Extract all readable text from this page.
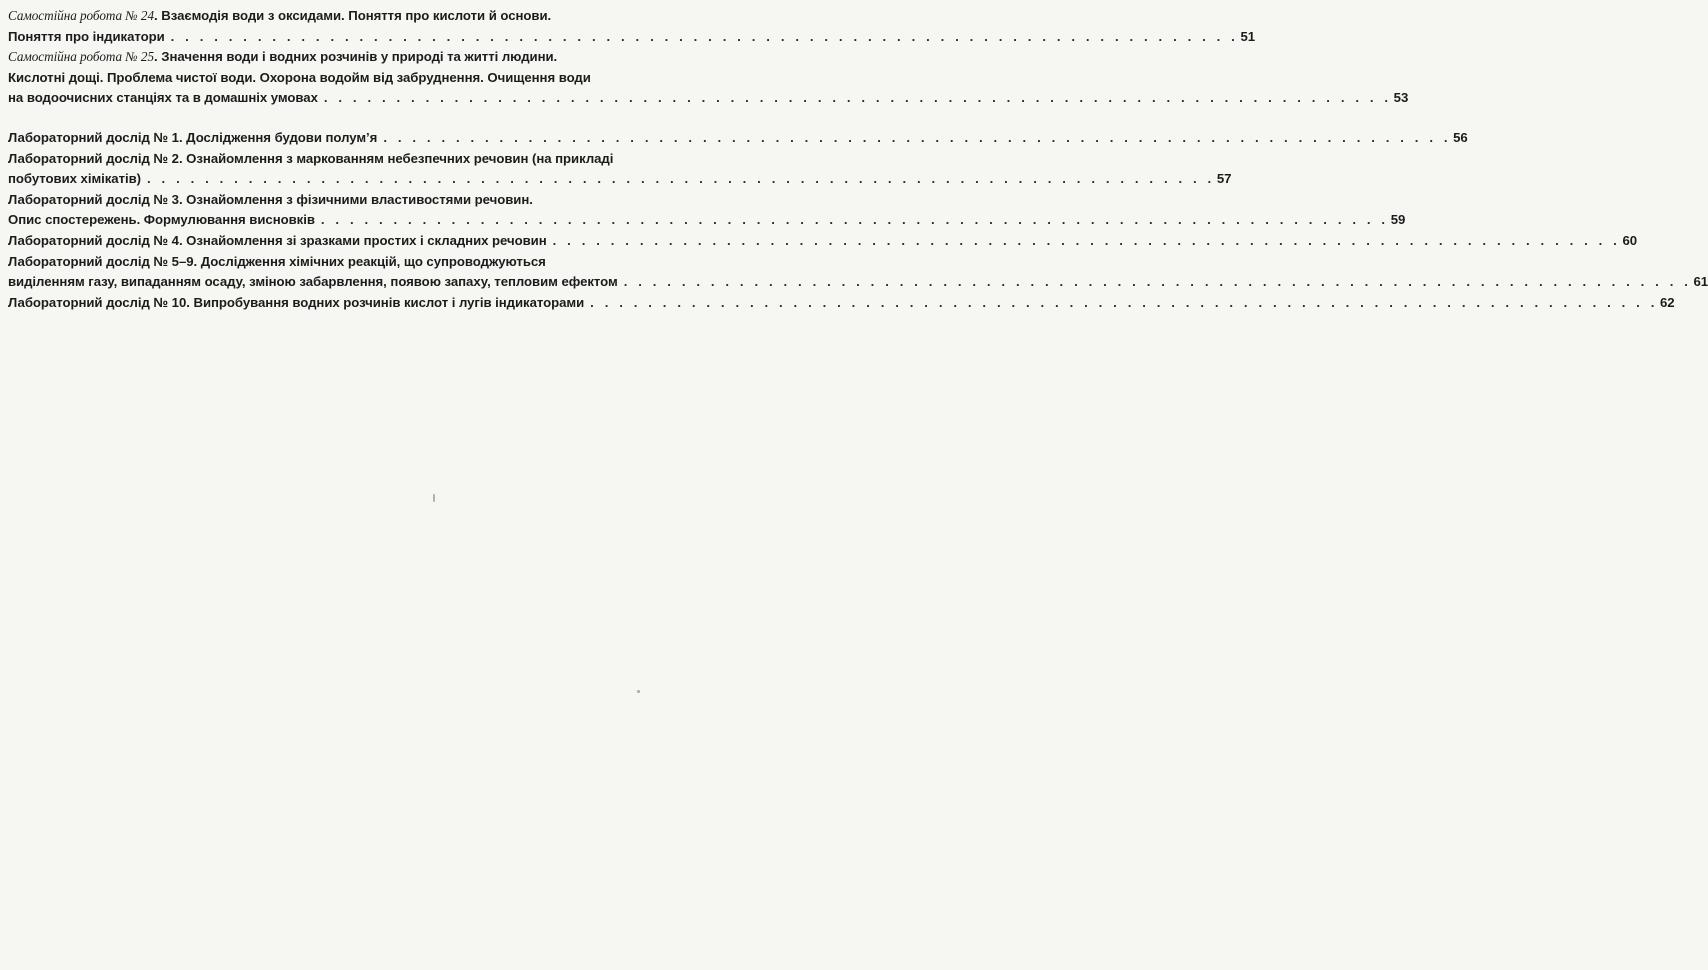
Самостійна робота № 24. Взаємодія води з оксидами. Поняття про кислоти й основи.
Поняття про індикатори . . . . . . . . . . . . . . . . . . . . . . . . . . . . . . . . . . . . . . . . . . . . . . . . . . . . . . . . . . . . . . . . . . . . . . . . . . 51
Самостійна робота № 25. Значення води і водних розчинів у природі та житті людини.
Кислотні дощі. Проблема чистої води. Охорона водойм від забруднення. Очищення води
на водоочисних станціях та в домашніх умовах . . . . . . . . . . . . . . . . . . . . . . . . . . . . . . . . . . . . . . . . . . . . . . . . . . . . . . . . . . . . . . . . . . . . . . . . . . 53
Лабораторний дослід № 1. Дослідження будови полум’я . . . . . . . . . . . . . . . . . . . . . . . . . . . . . . . . . . . . . . . . . . . . . . . . . . . . . . . . . . . . . . . . . . . . . . . . . . 56
Лабораторний дослід № 2. Ознайомлення з маркованням небезпечних речовин (на прикладі
побутових хімікатів) . . . . . . . . . . . . . . . . . . . . . . . . . . . . . . . . . . . . . . . . . . . . . . . . . . . . . . . . . . . . . . . . . . . . . . . . . . 57
Лабораторний дослід № 3. Ознайомлення з фізичними властивостями речовин.
Опис спостережень. Формулювання висновків . . . . . . . . . . . . . . . . . . . . . . . . . . . . . . . . . . . . . . . . . . . . . . . . . . . . . . . . . . . . . . . . . . . . . . . . . . 59
Лабораторний дослід № 4. Ознайомлення зі зразками простих і складних речовин . . . . . . . . . . . . . . . . . . . . . . . . . . . . . . . . . . . . . . . . . . . . . . . . . . . . . . . . . . . . . . . . . . . . . . . . . . 60
Лабораторний дослід № 5–9. Дослідження хімічних реакцій, що супроводжуються
виділенням газу, випаданням осаду, зміною забарвлення, появою запаху, тепловим ефектом . . . . . . . . . . . . . . . . . . . . . . . . . . . . . . . . . . . . . . . . . . . . . . . . . . . . . . . . . . . . . . . . . . . . . . . . . . 61
Лабораторний дослід № 10. Випробування водних розчинів кислот і лугів індикаторами . . . . . . . . . . . . . . . . . . . . . . . . . . . . . . . . . . . . . . . . . . . . . . . . . . . . . . . . . . . . . . . . . . . . . . . . . . 62
